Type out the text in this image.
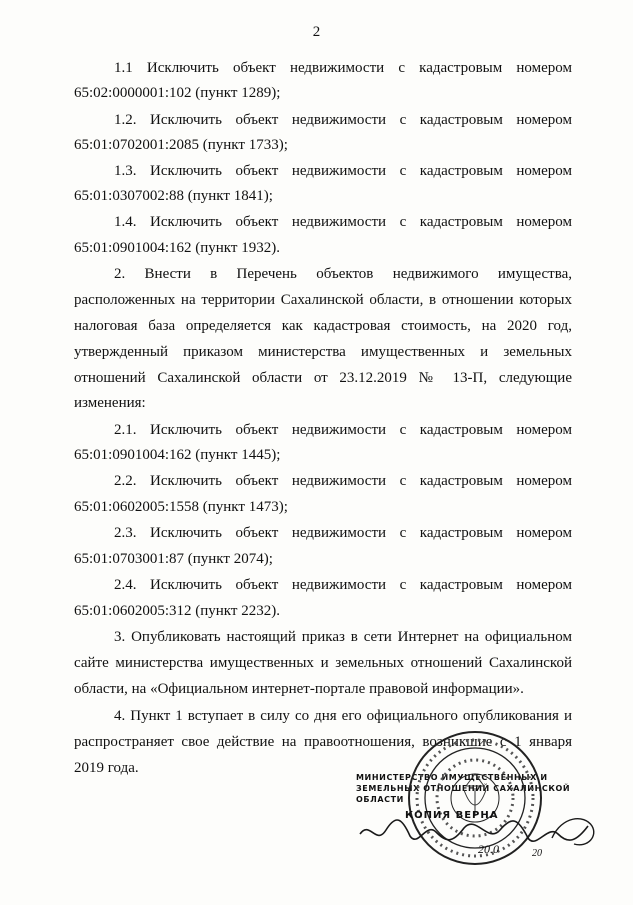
2
1.1 Исключить объект недвижимости с кадастровым номером
65:02:0000001:102 (пункт 1289);
1.2. Исключить объект недвижимости с кадастровым номером
65:01:0702001:2085 (пункт 1733);
1.3. Исключить объект недвижимости с кадастровым номером
65:01:0307002:88 (пункт 1841);
1.4. Исключить объект недвижимости с кадастровым номером
65:01:0901004:162 (пункт 1932).
2. Внести в Перечень объектов недвижимого имущества,
расположенных на территории Сахалинской области, в отношении которых
налоговая база определяется как кадастровая стоимость, на 2020 год,
утвержденный приказом министерства имущественных и земельных
отношений Сахалинской области от 23.12.2019 № 13-П, следующие
изменения:
2.1. Исключить объект недвижимости с кадастровым номером
65:01:0901004:162 (пункт 1445);
2.2. Исключить объект недвижимости с кадастровым номером
65:01:0602005:1558 (пункт 1473);
2.3. Исключить объект недвижимости с кадастровым номером
65:01:0703001:87 (пункт 2074);
2.4. Исключить объект недвижимости с кадастровым номером
65:01:0602005:312 (пункт 2232).
3. Опубликовать настоящий приказ в сети Интернет на официальном
сайте министерства имущественных и земельных отношений Сахалинской
области, на «Официальном интернет-портале правовой информации».
4. Пункт 1 вступает в силу со дня его официального опубликования и
распространяет свое действие на правоотношения, возникшие с 1 января
2019 года.
МИНИСТЕРСТВО ИМУЩЕСТВЕННЫХ И
ЗЕМЕЛЬНЫХ ОТНОШЕНИЙ САХАЛИНСКОЙ
ОБЛАСТИ
КОПИЯ ВЕРНА
20.0	20
